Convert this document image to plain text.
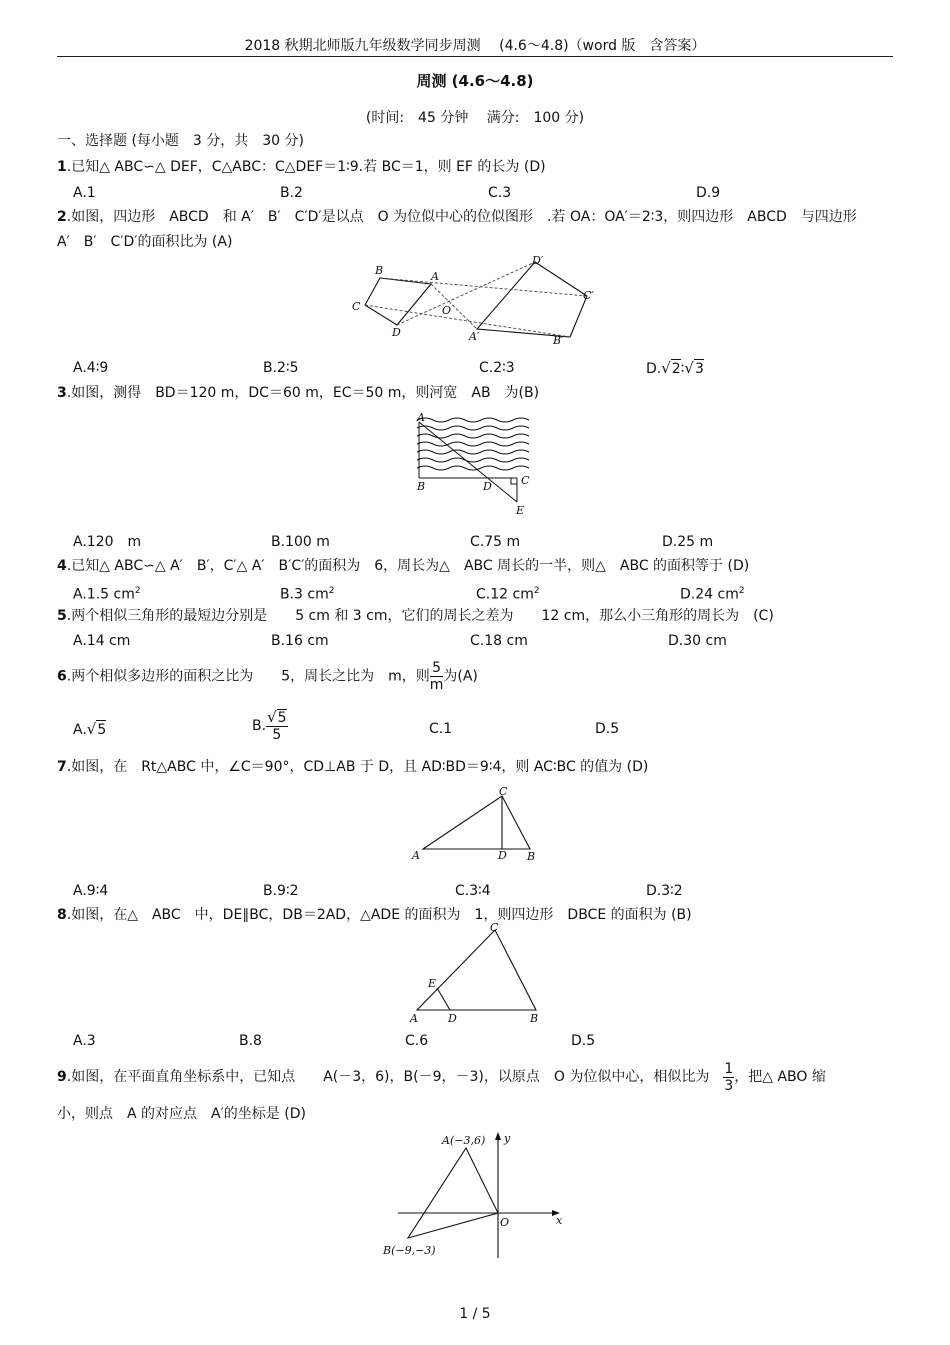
2018 秋期北师版九年级数学同步周测　 (4.6～4.8)（word 版　含答案）
周测 (4.6～4.8)
(时间:　45 分钟　 满分:　100 分)
一、选择题 (每小题　3 分，共　30 分)
1.已知△ ABC∽△ DEF，C△ABC：C△DEF＝1∶9.若 BC＝1，则 EF 的长为 (D)
A.1	B.2	C.3	D.9
2.如图，四边形　ABCD　和 A′　B′　C′D′是以点　O 为位似中心的位似图形　.若 OA：OA′＝2∶3，则四边形　ABCD　与四边形
A′　B′　C′D′的面积比为 (A)
B	A
C
D
O
D′
C′
A′	B′
A.4∶9	B.2∶5	C.2∶3	D.√2∶√3
3.如图，测得　BD＝120 m，DC＝60 m，EC＝50 m，则河宽　AB　为(B)
A
B	D	C
E
A.120　m	B.100 m	C.75 m	D.25 m
4.已知△ ABC∽△ A′　B′，C′△ A′　B′C′的面积为　6，周长为△　ABC 周长的一半，则△　ABC 的面积等于 (D)
A.1.5 $cm^2$	B.3 $cm^2$	C.12 $cm^2$	D.24 $cm^2$
5.两个相似三角形的最短边分别是　　5 cm 和 3 cm，它们的周长之差为　　12 cm，那么小三角形的周长为　(C)
A.14 cm	B.16 cm	C.18 cm	D.30 cm
6.两个相似多边形的面积之比为　　5，周长之比为　m，则 $\frac{5}{m}$ 为(A)
A.√5	B. $\frac{√5}{5}$	C.1	D.5
7.如图，在　Rt△ABC 中，∠C＝90°，CD⊥AB 于 D，且 AD∶BD＝9∶4，则 AC∶BC 的值为 (D)
C
A	D B
A.9∶4	B.9∶2	C.3∶4	D.3∶2
8.如图，在△　ABC　中，DE∥BC，DB＝2AD，△ADE 的面积为　1，则四边形　DBCE 的面积为 (B)
C
E
A	D	B
A.3	B.8	C.6	D.5
9.如图，在平面直角坐标系中，已知点　　A(－3，6)，B(－9，－3)，以原点　O 为位似中心，相似比为　 $\frac{1}{3}$ ，把△ ABO 缩
小，则点　A 的对应点　A′的坐标是 (D)
A(−3,6)
B(−9,−3)
O	x
y
1 / 5
